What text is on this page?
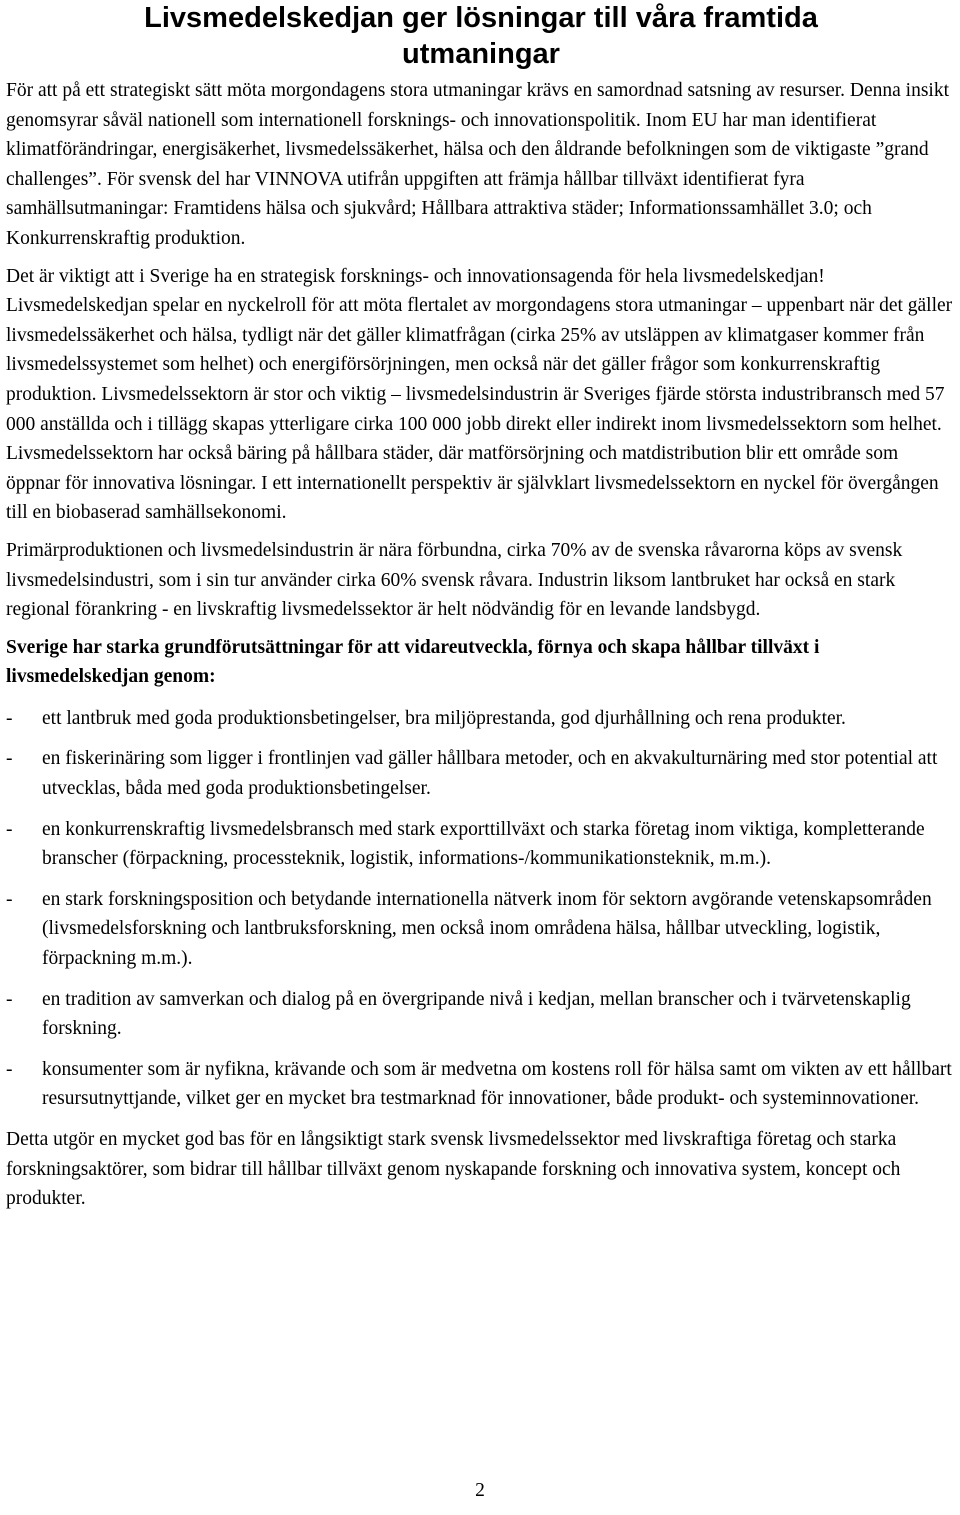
Livsmedelskedjan ger lösningar till våra framtida utmaningar

För att på ett strategiskt sätt möta morgondagens stora utmaningar krävs en samordnad satsning av resurser. Denna insikt genomsyrar såväl nationell som internationell forsknings- och innovationspolitik. Inom EU har man identifierat klimatförändringar, energisäkerhet, livsmedelssäkerhet, hälsa och den åldrande befolkningen som de viktigaste ”grand challenges”. För svensk del har VINNOVA utifrån uppgiften att främja hållbar tillväxt identifierat fyra samhällsutmaningar: Framtidens hälsa och sjukvård; Hållbara attraktiva städer; Informationssamhället 3.0; och Konkurrenskraftig produktion.

Det är viktigt att i Sverige ha en strategisk forsknings- och innovationsagenda för hela livsmedelskedjan! Livsmedelskedjan spelar en nyckelroll för att möta flertalet av morgondagens stora utmaningar – uppenbart när det gäller livsmedelssäkerhet och hälsa, tydligt när det gäller klimatfrågan (cirka 25% av utsläppen av klimatgaser kommer från livsmedelssystemet som helhet) och energiförsörjningen, men också när det gäller frågor som konkurrenskraftig produktion. Livsmedelssektorn är stor och viktig – livsmedelsindustrin är Sveriges fjärde största industribransch med 57 000 anställda och i tillägg skapas ytterligare cirka 100 000 jobb direkt eller indirekt inom livsmedelssektorn som helhet. Livsmedelssektorn har också bäring på hållbara städer, där matförsörjning och matdistribution blir ett område som öppnar för innovativa lösningar. I ett internationellt perspektiv är självklart livsmedelssektorn en nyckel för övergången till en biobaserad samhällsekonomi.

Primärproduktionen och livsmedelsindustrin är nära förbundna, cirka 70% av de svenska råvarorna köps av svensk livsmedelsindustri, som i sin tur använder cirka 60% svensk råvara. Industrin liksom lantbruket har också en stark regional förankring - en livskraftig livsmedelssektor är helt nödvändig för en levande landsbygd.

Sverige har starka grundförutsättningar för att vidareutveckla, förnya och skapa hållbar tillväxt i livsmedelskedjan genom:
- ett lantbruk med goda produktionsbetingelser, bra miljöprestanda, god djurhållning och rena produkter.
- en fiskerinäring som ligger i frontlinjen vad gäller hållbara metoder, och en akvakulturnäring med stor potential att utvecklas, båda med goda produktionsbetingelser.
- en konkurrenskraftig livsmedelsbransch med stark exporttillväxt och starka företag inom viktiga, kompletterande branscher (förpackning, processteknik, logistik, informations-/kommunikationsteknik, m.m.).
- en stark forskningsposition och betydande internationella nätverk inom för sektorn avgörande vetenskapsområden (livsmedelsforskning och lantbruksforskning, men också inom områdena hälsa, hållbar utveckling, logistik, förpackning m.m.).
- en tradition av samverkan och dialog på en övergripande nivå i kedjan, mellan branscher och i tvärvetenskaplig forskning.
- konsumenter som är nyfikna, krävande och som är medvetna om kostens roll för hälsa samt om vikten av ett hållbart resursutnyttjande, vilket ger en mycket bra testmarknad för innovationer, både produkt- och systeminnovationer.

Detta utgör en mycket god bas för en långsiktigt stark svensk livsmedelssektor med livskraftiga företag och starka forskningsaktörer, som bidrar till hållbar tillväxt genom nyskapande forskning och innovativa system, koncept och produkter.

2
